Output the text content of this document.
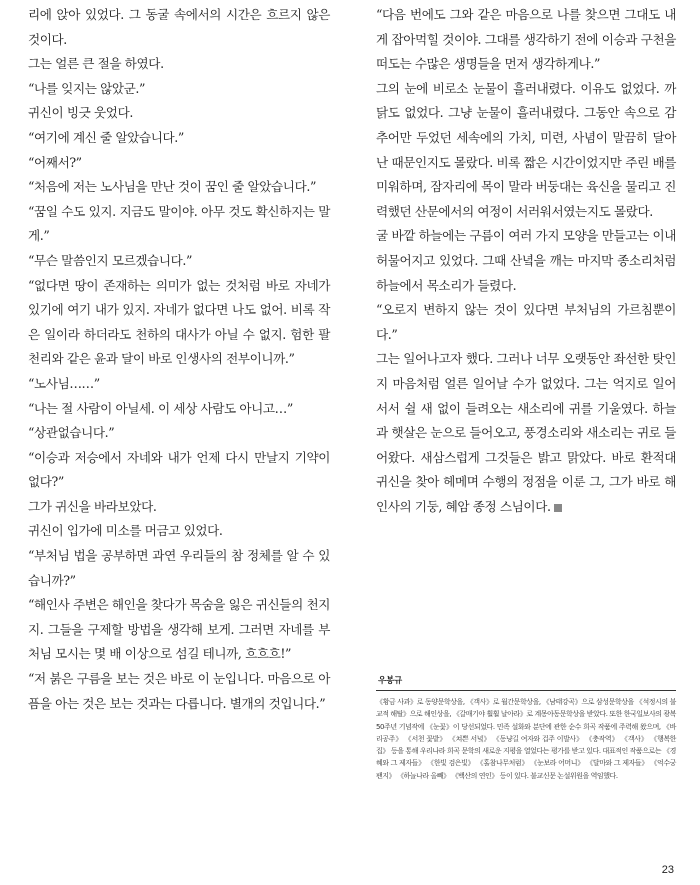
리에 앉아 있었다. 그 동굴 속에서의 시간은 흐르지 않은 것이다.

그는 얼른 큰 절을 하였다.

“나를 잊지는 않았군.”

귀신이 빙긋 웃었다.

“여기에 계신 줄 알았습니다.”

“어째서?”

“처음에 저는 노사님을 만난 것이 꿈인 줄 알았습니다.”

“꿈일 수도 있지. 지금도 말이야. 아무 것도 확신하지는 말게.”

“무슨 말씀인지 모르겠습니다.”

“없다면 땅이 존재하는 의미가 없는 것처럼 바로 자네가 있기에 여기 내가 있지. 자네가 없다면 나도 없어. 비록 작은 일이라 하더라도 천하의 대사가 아닐 수 없지. 험한 팔천리와 같은 윤과 달이 바로 인생사의 전부이니까.”

“노사님……”

“나는 절 사람이 아닐세. 이 세상 사람도 아니고…”

“상관없습니다.”

“이승과 저승에서 자네와 내가 언제 다시 만날지 기약이 없다?”

그가 귀신을 바라보았다.

귀신이 입가에 미소를 머금고 있었다.

“부처님 법을 공부하면 과연 우리들의 참 정체를 알 수 있습니까?”

“해인사 주변은 해인을 찾다가 목숨을 잃은 귀신들의 천지지. 그들을 구제할 방법을 생각해 보게. 그러면 자네를 부처님 모시는 몇 배 이상으로 섬길 테니까, 흐흐흐!”

“저 붉은 구름을 보는 것은 바로 이 눈입니다. 마음으로 아픔을 아는 것은 보는 것과는 다릅니다. 별개의 것입니다.”

“다음 번에도 그와 같은 마음으로 나를 찾으면 그대도 내게 잡아먹힐 것이야. 그대를 생각하기 전에 이승과 구천을 떠도는 수많은 생명들을 먼저 생각하게나.”

그의 눈에 비로소 눈물이 흘러내렸다. 이유도 없었다. 까닭도 없었다. 그냥 눈물이 흘러내렸다. 그동안 속으로 감추어만 두었던 세속에의 가치, 미련, 사념이 말끔히 달아난 때문인지도 몰랐다. 비록 짧은 시간이었지만 주린 배를 미워하며, 잠자리에 목이 말라 버둥대는 육신을 물리고 진력했던 산문에서의 여정이 서러워서였는지도 몰랐다.

굴 바깥 하늘에는 구름이 여러 가지 모양을 만들고는 이내 허물어지고 있었다. 그때 산녘을 깨는 마지막 종소리처럼 하늘에서 목소리가 들렸다.

“오로지 변하지 않는 것이 있다면 부처님의 가르침뿐이다.”

그는 일어나고자 했다. 그러나 너무 오랫동안 좌선한 탓인지 마음처럼 얼른 일어날 수가 없었다. 그는 억지로 일어서서 쉴 새 없이 들려오는 새소리에 귀를 기울였다. 하늘과 햇살은 눈으로 들어오고, 풍경소리와 새소리는 귀로 들어왔다. 새삼스럽게 그것들은 밝고 맑았다. 바로 환적대 귀신을 찾아 헤메며 수행의 정점을 이룬 그, 그가 바로 해인사의 기둥, 혜암 종정 스님이다.

우봉규

《황금 사과》로 동양문학상을, 《객사》로 월간문학상을, 《남태강곡》으로 삼성문학상을 《석정시의 불교적 해탈》으로 해인상을, 《갈매기야 훨훨 날아라》로 계몽아동문학상을 받았다. 또한 한국일보사의 광복 50주년 기념작에 《눈꽃》이 당선되었다. 민족 설화와 분단에 관한 순수 희곡 작품에 주력해 왔으며, 《바리공주》 《서천 꽃밭》 《쳐쁜 서녘》 《동냥길 여자와 겁주 이발사》 《충작역》 《객사》 《행복한 집》 등을 통해 우리나라 희곡 문학의 새로운 지평을 열었다는 평가를 받고 있다. 대표적인 작품으로는 《경혜와 그 제자들》 《한빛 검은빛》 《홀참나무처럼》 《눈보라 어머니》 《달마와 그 제자들》 《억수궁 팬지》 《하늘나라 올빼》 《백산의 연인》 등이 있다. 불교신문 논설위원을 역임했다.

23
